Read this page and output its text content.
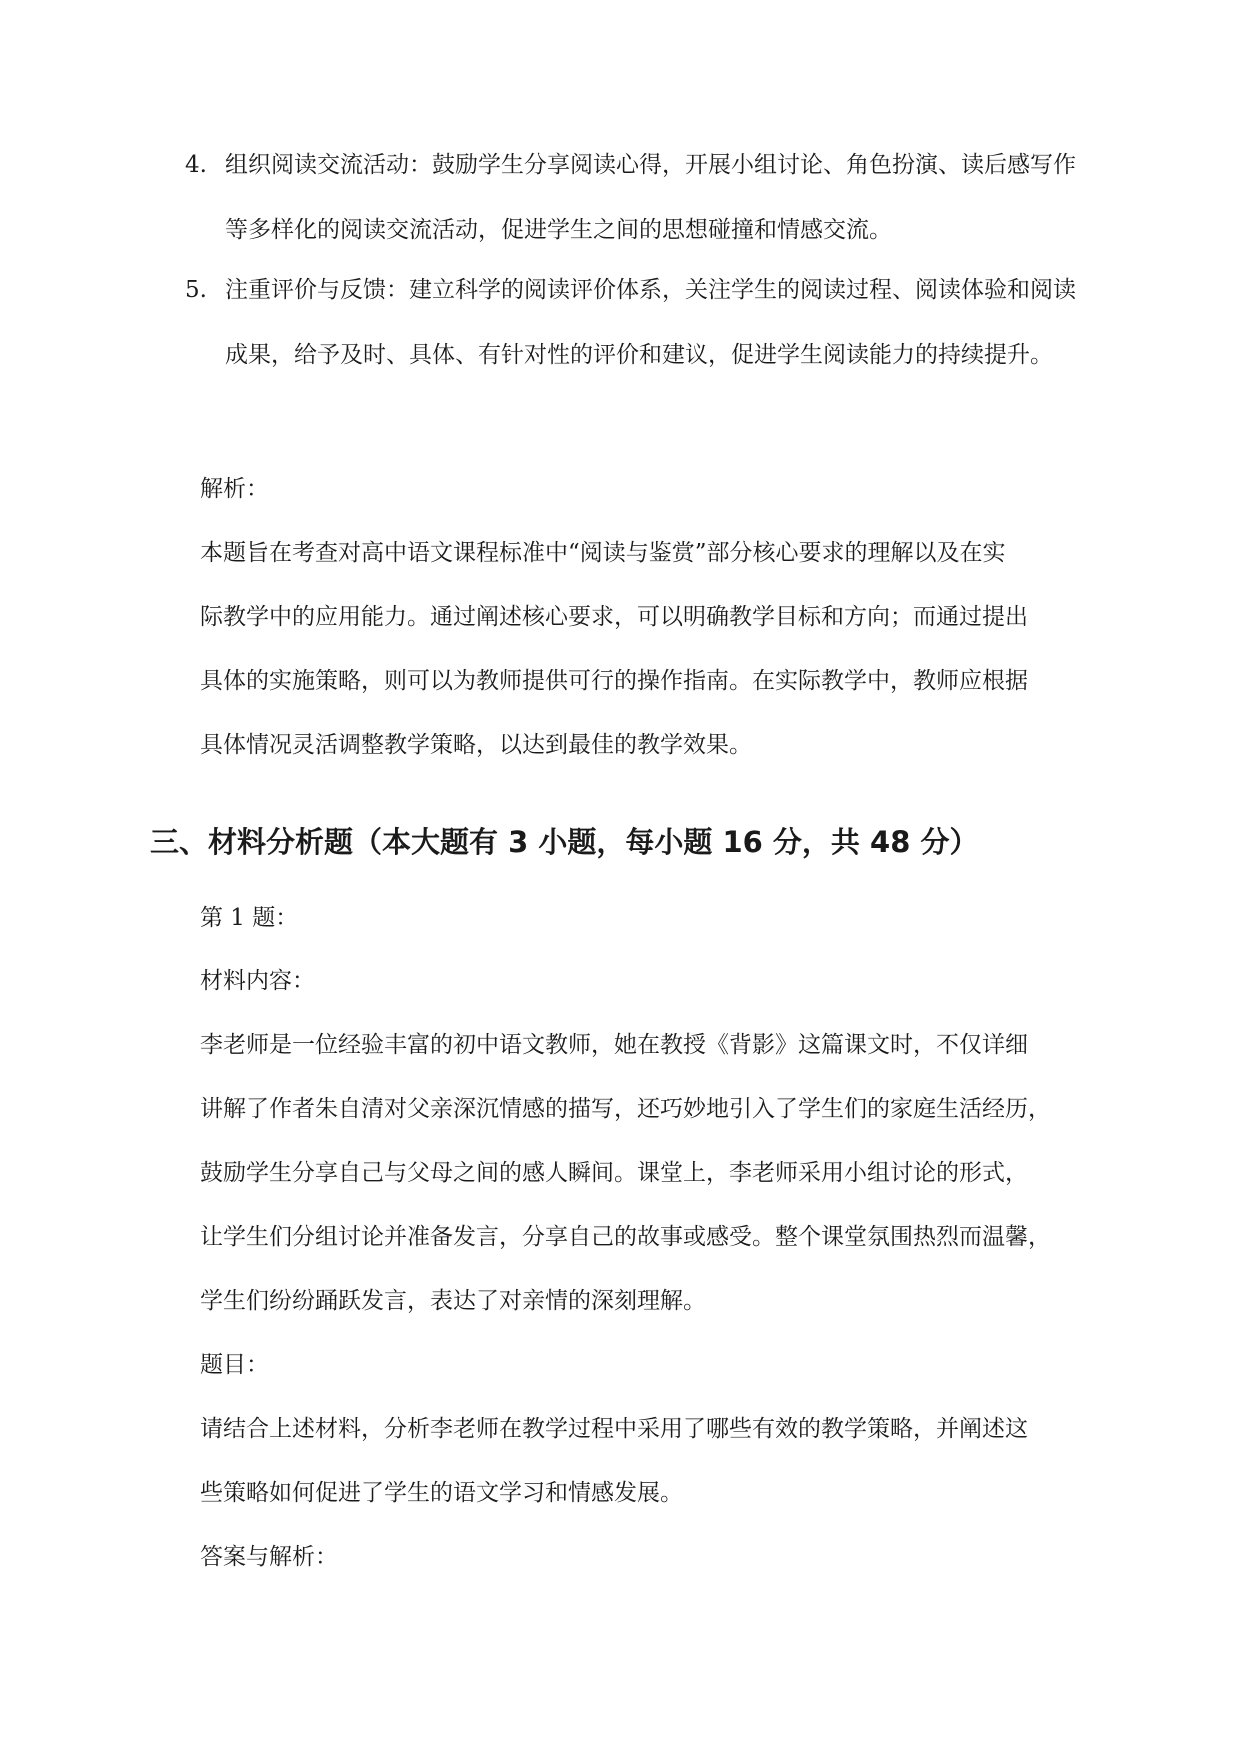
4. 组织阅读交流活动：鼓励学生分享阅读心得，开展小组讨论、角色扮演、读后感写作等多样化的阅读交流活动，促进学生之间的思想碰撞和情感交流。
5. 注重评价与反馈：建立科学的阅读评价体系，关注学生的阅读过程、阅读体验和阅读成果，给予及时、具体、有针对性的评价和建议，促进学生阅读能力的持续提升。
解析：
本题旨在考查对高中语文课程标准中“阅读与鉴赏”部分核心要求的理解以及在实
际教学中的应用能力。通过阐述核心要求，可以明确教学目标和方向；而通过提出
具体的实施策略，则可以为教师提供可行的操作指南。在实际教学中，教师应根据
具体情况灵活调整教学策略，以达到最佳的教学效果。
三、材料分析题（本大题有 3 小题，每小题 16 分，共 48 分）
第 1 题：
材料内容：
李老师是一位经验丰富的初中语文教师，她在教授《背影》这篇课文时，不仅详细
讲解了作者朱自清对父亲深沉情感的描写，还巧妙地引入了学生们的家庭生活经历，
鼓励学生分享自己与父母之间的感人瞬间。课堂上，李老师采用小组讨论的形式，
让学生们分组讨论并准备发言，分享自己的故事或感受。整个课堂氛围热烈而温馨，
学生们纷纷踊跃发言，表达了对亲情的深刻理解。
题目：
请结合上述材料，分析李老师在教学过程中采用了哪些有效的教学策略，并阐述这
些策略如何促进了学生的语文学习和情感发展。
答案与解析：
